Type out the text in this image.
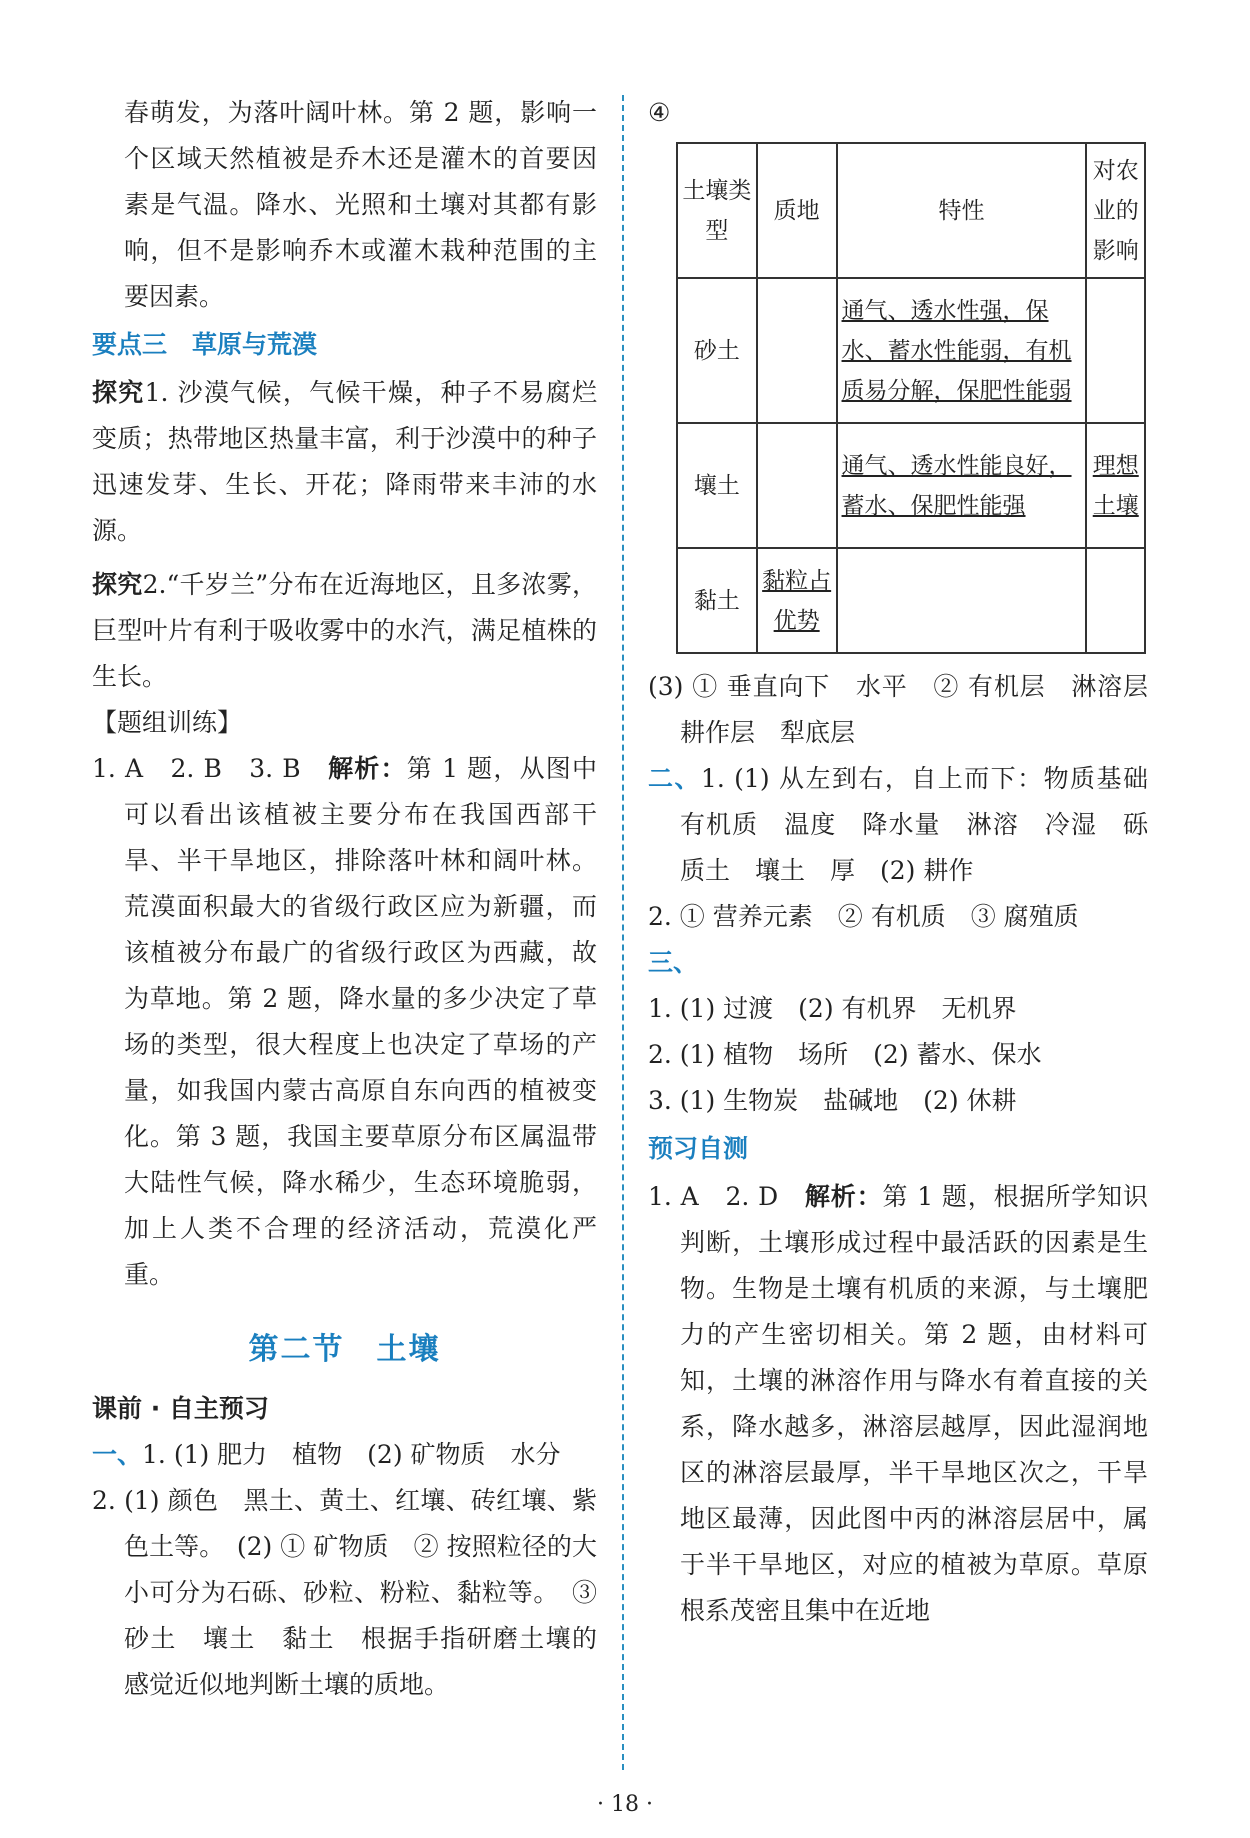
春萌发，为落叶阔叶林。第 2 题，影响一个区域天然植被是乔木还是灌木的首要因素是气温。降水、光照和土壤对其都有影响，但不是影响乔木或灌木栽种范围的主要因素。

要点三　草原与荒漠

探究1. 沙漠气候，气候干燥，种子不易腐烂变质；热带地区热量丰富，利于沙漠中的种子迅速发芽、生长、开花；降雨带来丰沛的水源。

探究2.“千岁兰”分布在近海地区，且多浓雾，巨型叶片有利于吸收雾中的水汽，满足植株的生长。

【题组训练】

1. A　2. B　3. B　解析：第 1 题，从图中可以看出该植被主要分布在我国西部干旱、半干旱地区，排除落叶林和阔叶林。荒漠面积最大的省级行政区应为新疆，而该植被分布最广的省级行政区为西藏，故为草地。第 2 题，降水量的多少决定了草场的类型，很大程度上也决定了草场的产量，如我国内蒙古高原自东向西的植被变化。第 3 题，我国主要草原分布区属温带大陆性气候，降水稀少，生态环境脆弱，加上人类不合理的经济活动，荒漠化严重。

第二节　土壤

课前 · 自主预习

一、1. (1) 肥力　植物　(2) 矿物质　水分

2. (1) 颜色　黑土、黄土、红壤、砖红壤、紫色土等。　(2) ① 矿物质　② 按照粒径的大小可分为石砾、砂粒、粉粒、黏粒等。　③ 砂土　壤土　黏土　根据手指研磨土壤的感觉近似地判断土壤的质地。

④

土壤类型	质地	特性	对农业的影响
砂土		通气、透水性强，保水、蓄水性能弱，有机质易分解，保肥性能弱	
壤土		通气、透水性能良好，蓄水、保肥性能强	理想土壤
黏土	黏粒占优势		

(3) ① 垂直向下　水平　② 有机层　淋溶层　耕作层　犁底层

二、1. (1) 从左到右，自上而下：物质基础　有机质　温度　降水量　淋溶　冷湿　砾质土　壤土　厚　(2) 耕作

2. ① 营养元素　② 有机质　③ 腐殖质

三、

1. (1) 过渡　(2) 有机界　无机界

2. (1) 植物　场所　(2) 蓄水、保水

3. (1) 生物炭　盐碱地　(2) 休耕

预习自测

1. A　2. D　解析：第 1 题，根据所学知识判断，土壤形成过程中最活跃的因素是生物。生物是土壤有机质的来源，与土壤肥力的产生密切相关。第 2 题，由材料可知，土壤的淋溶作用与降水有着直接的关系，降水越多，淋溶层越厚，因此湿润地区的淋溶层最厚，半干旱地区次之，干旱地区最薄，因此图中丙的淋溶层居中，属于半干旱地区，对应的植被为草原。草原根系茂密且集中在近地

· 18 ·
